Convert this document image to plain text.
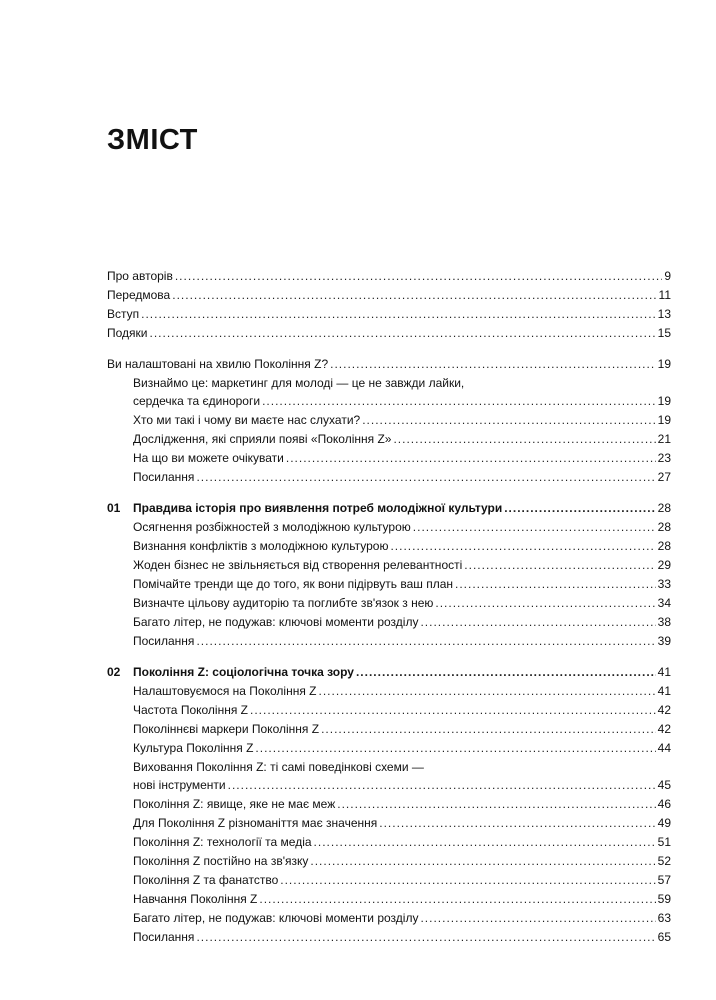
ЗМІСТ
Про авторів .....	9
Передмова .....	11
Вступ .....	13
Подяки .....	15
Ви налаштовані на хвилю Покоління Z? .....	19
Визнаймо це: маркетинг для молоді — це не завжди лайки,
сердечка та єдинороги .....	19
Хто ми такі і чому ви маєте нас слухати? .....	19
Дослідження, які сприяли появі «Покоління Z» .....	21
На що ви можете очікувати .....	23
Посилання .....	27
01 Правдива історія про виявлення потреб молодіжної культури .....	28
Осягнення розбіжностей з молодіжною культурою .....	28
Визнання конфліктів з молодіжною культурою .....	28
Жоден бізнес не звільняється від створення релевантності .....	29
Помічайте тренди ще до того, як вони підірвуть ваш план .....	33
Визначте цільову аудиторію та поглибте зв'язок з нею .....	34
Багато літер, не подужав: ключові моменти розділу .....	38
Посилання .....	39
02 Покоління Z: соціологічна точка зору .....	41
Налаштовуємося на Покоління Z .....	41
Частота Покоління Z .....	42
Поколіннєві маркери Покоління Z .....	42
Культура Покоління Z .....	44
Виховання Покоління Z: ті самі поведінкові схеми —
нові інструменти .....	45
Покоління Z: явище, яке не має меж .....	46
Для Покоління Z різноманіття має значення .....	49
Покоління Z: технології та медіа .....	51
Покоління Z постійно на зв'язку .....	52
Покоління Z та фанатство .....	57
Навчання Покоління Z .....	59
Багато літер, не подужав: ключові моменти розділу .....	63
Посилання .....	65
